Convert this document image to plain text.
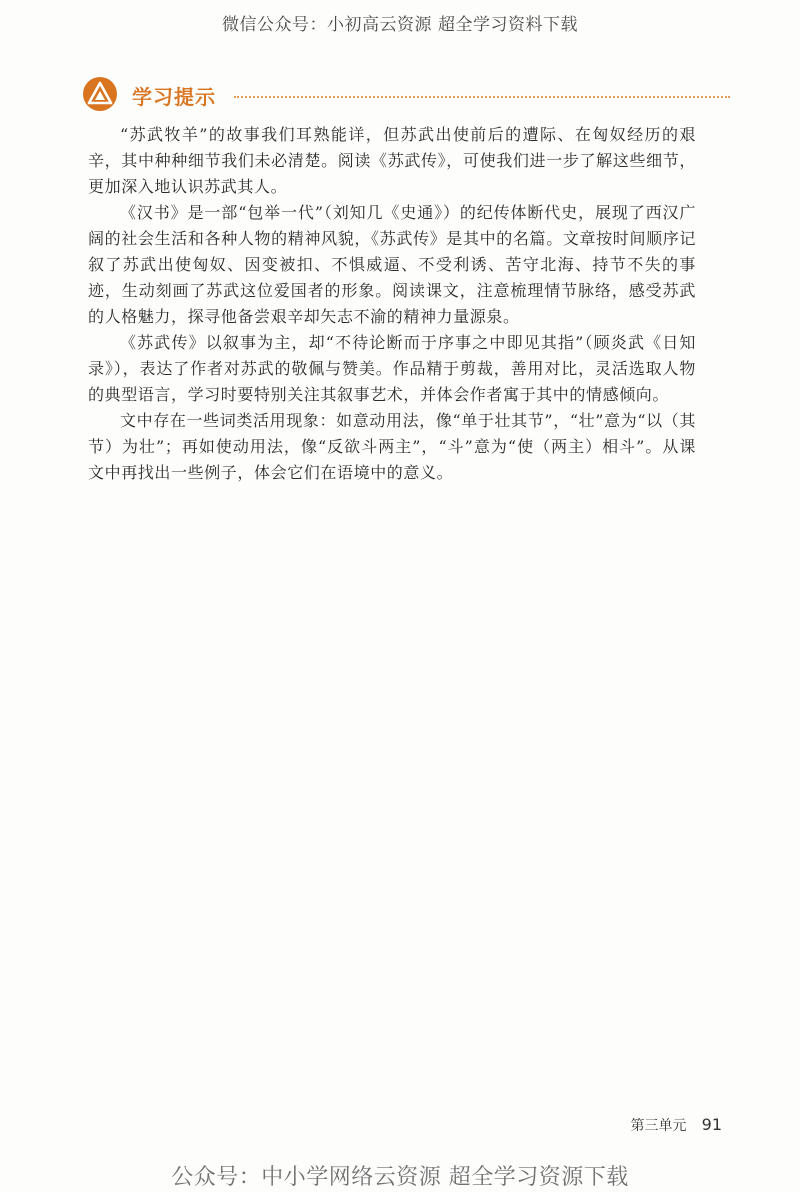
微信公众号：小初高云资源 超全学习资料下载
学习提示

“苏武牧羊”的故事我们耳熟能详，但苏武出使前后的遭际、在匈奴经历的艰辛，其中种种细节我们未必清楚。阅读《苏武传》，可使我们进一步了解这些细节，更加深入地认识苏武其人。

《汉书》是一部“包举一代”（刘知几《史通》）的纪传体断代史，展现了西汉广阔的社会生活和各种人物的精神风貌，《苏武传》是其中的名篇。文章按时间顺序记叙了苏武出使匈奴、因变被扣、不惧威逼、不受利诱、苦守北海、持节不失的事迹，生动刻画了苏武这位爱国者的形象。阅读课文，注意梳理情节脉络，感受苏武的人格魅力，探寻他备尝艰辛却矢志不渝的精神力量源泉。

《苏武传》以叙事为主，却“不待论断而于序事之中即见其指”（顾炎武《日知录》），表达了作者对苏武的敬佩与赞美。作品精于剪裁，善用对比，灵活选取人物的典型语言，学习时要特别关注其叙事艺术，并体会作者寓于其中的情感倾向。

文中存在一些词类活用现象：如意动用法，像“单于壮其节”，“壮”意为“以（其节）为壮”；再如使动用法，像“反欲斗两主”，“斗”意为“使（两主）相斗”。从课文中再找出一些例子，体会它们在语境中的意义。

第三单元 91
公众号：中小学网络云资源 超全学习资源下载
